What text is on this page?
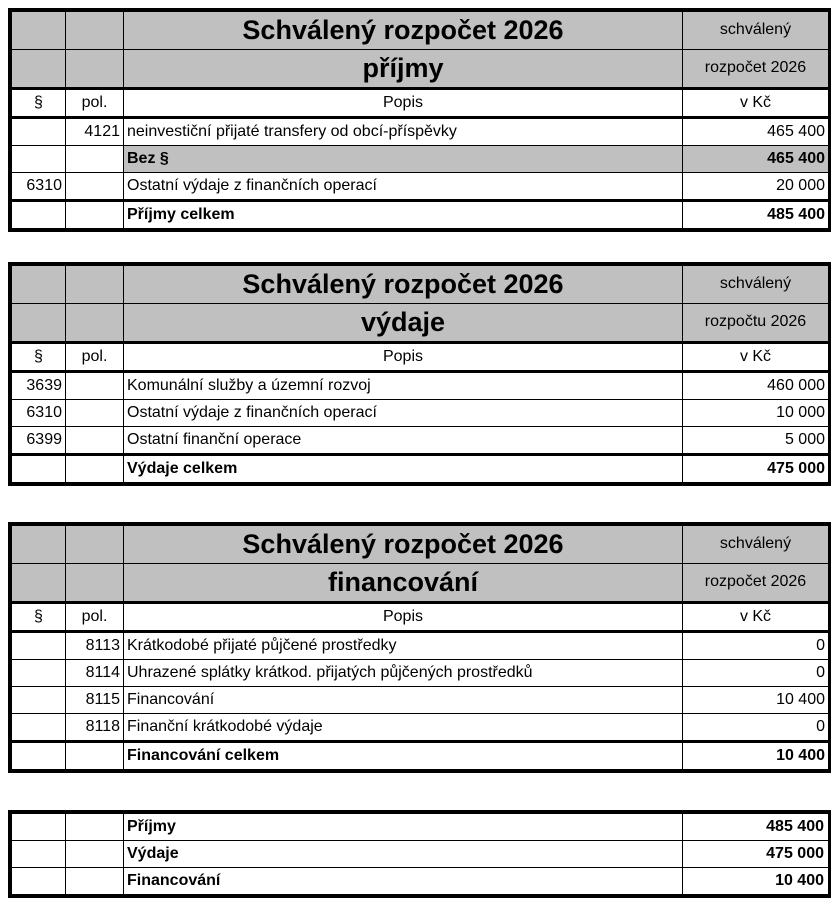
		Schválený rozpočet 2026	schválený
		příjmy	rozpočet 2026
§	pol.	Popis	v Kč
	4121	neinvestiční přijaté transfery od obcí-příspěvky	465 400
		Bez §	465 400
6310		Ostatní výdaje z finančních operací	20 000
		Příjmy celkem	485 400
		Schválený rozpočet 2026	schválený
		výdaje	rozpočtu 2026
§	pol.	Popis	v Kč
3639		Komunální služby a územní rozvoj	460 000
6310		Ostatní výdaje z finančních operací	10 000
6399		Ostatní finanční operace	5 000
		Výdaje celkem	475 000
		Schválený rozpočet 2026	schválený
		financování	rozpočet 2026
§	pol.	Popis	v Kč
	8113	Krátkodobé přijaté půjčené prostředky	0
	8114	Uhrazené splátky krátkod. přijatých půjčených prostředků	0
	8115	Financování	10 400
	8118	Finanční krátkodobé výdaje	0
		Financování celkem	10 400
		Příjmy	485 400
		Výdaje	475 000
		Financování	10 400
